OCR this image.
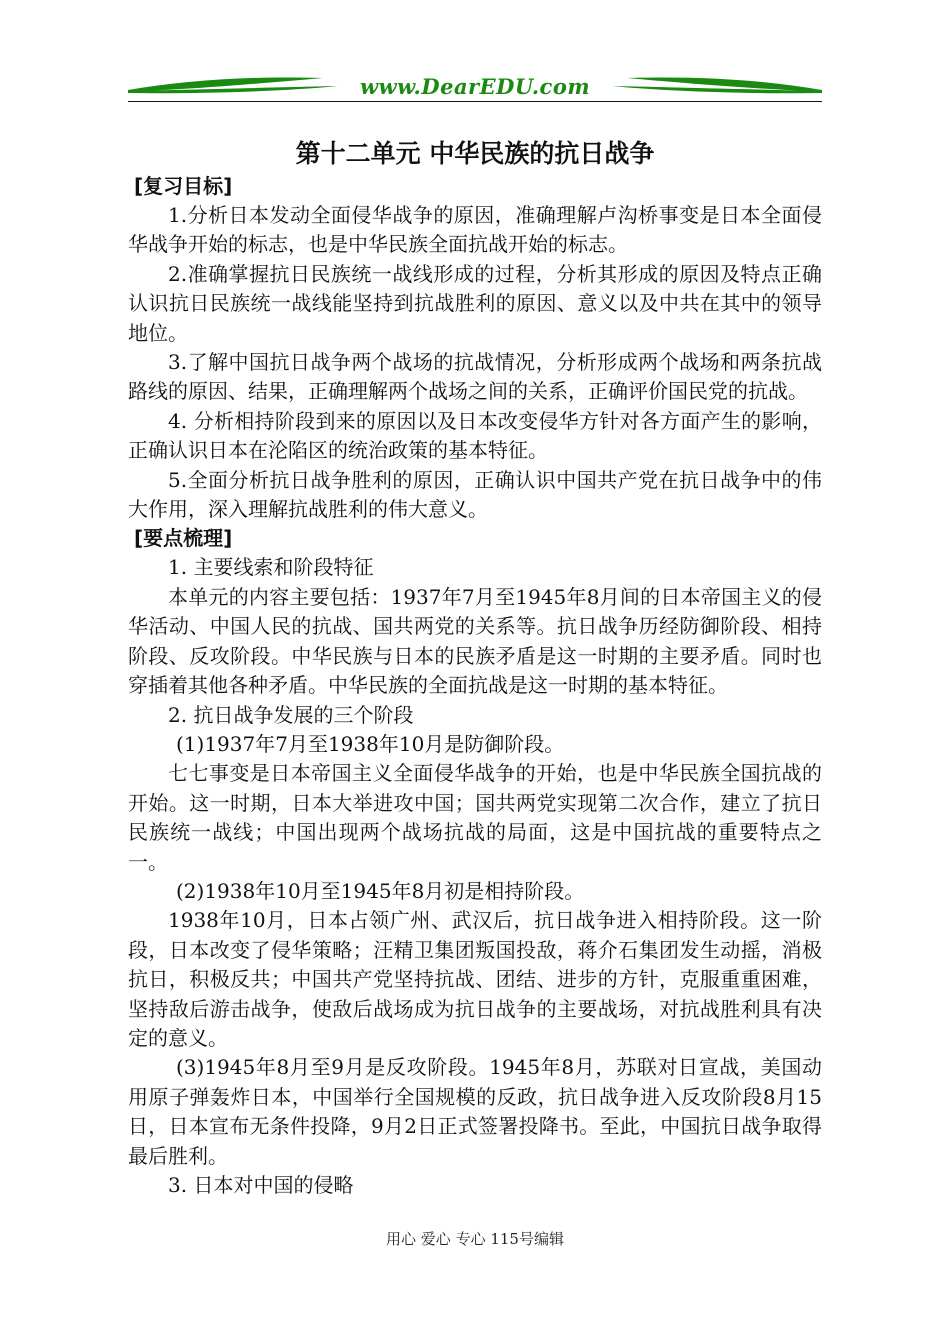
www.DearEDU.com
第十二单元 中华民族的抗日战争
[复习目标]

1.分析日本发动全面侵华战争的原因，准确理解卢沟桥事变是日本全面侵华战争开始的标志，也是中华民族全面抗战开始的标志。

2.准确掌握抗日民族统一战线形成的过程，分析其形成的原因及特点正确认识抗日民族统一战线能坚持到抗战胜利的原因、意义以及中共在其中的领导地位。

3.了解中国抗日战争两个战场的抗战情况，分析形成两个战场和两条抗战路线的原因、结果，正确理解两个战场之间的关系，正确评价国民党的抗战。

4. 分析相持阶段到来的原因以及日本改变侵华方针对各方面产生的影响，正确认识日本在沦陷区的统治政策的基本特征。

5.全面分析抗日战争胜利的原因，正确认识中国共产党在抗日战争中的伟大作用，深入理解抗战胜利的伟大意义。

[要点梳理]

1. 主要线索和阶段特征

本单元的内容主要包括：1937年7月至1945年8月间的日本帝国主义的侵华活动、中国人民的抗战、国共两党的关系等。抗日战争历经防御阶段、相持阶段、反攻阶段。中华民族与日本的民族矛盾是这一时期的主要矛盾。同时也穿插着其他各种矛盾。中华民族的全面抗战是这一时期的基本特征。

2. 抗日战争发展的三个阶段

(1)1937年7月至1938年10月是防御阶段。

七七事变是日本帝国主义全面侵华战争的开始，也是中华民族全国抗战的开始。这一时期，日本大举进攻中国；国共两党实现第二次合作，建立了抗日民族统一战线；中国出现两个战场抗战的局面，这是中国抗战的重要特点之一。

(2)1938年10月至1945年8月初是相持阶段。

1938年10月，日本占领广州、武汉后，抗日战争进入相持阶段。这一阶段，日本改变了侵华策略；汪精卫集团叛国投敌，蒋介石集团发生动摇，消极抗日，积极反共；中国共产党坚持抗战、团结、进步的方针，克服重重困难，坚持敌后游击战争，使敌后战场成为抗日战争的主要战场，对抗战胜利具有决定的意义。

(3)1945年8月至9月是反攻阶段。1945年8月，苏联对日宣战，美国动用原子弹轰炸日本，中国举行全国规模的反政，抗日战争进入反攻阶段8月15日，日本宣布无条件投降，9月2日正式签署投降书。至此，中国抗日战争取得最后胜利。

3. 日本对中国的侵略

用心 爱心 专心 115号编辑
